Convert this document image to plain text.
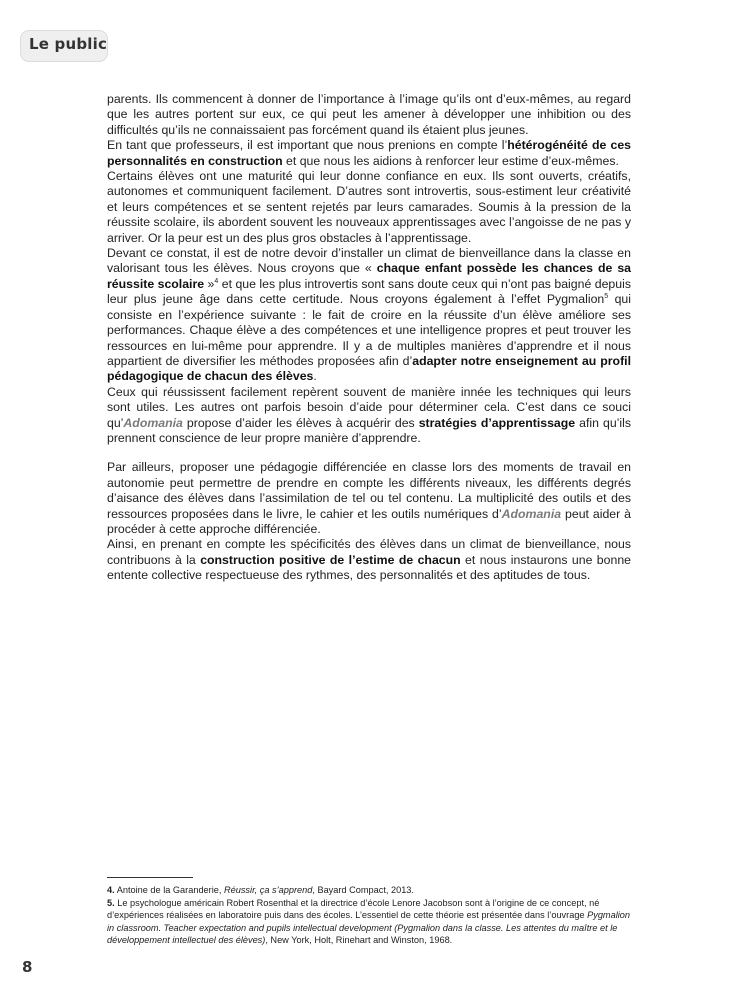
Le public

parents. Ils commencent à donner de l’importance à l’image qu’ils ont d’eux-mêmes, au regard que les autres portent sur eux, ce qui peut les amener à développer une inhibition ou des difficultés qu’ils ne connaissaient pas forcément quand ils étaient plus jeunes.

En tant que professeurs, il est important que nous prenions en compte l’hétérogénéité de ces personnalités en construction et que nous les aidions à renforcer leur estime d’eux-mêmes.

Certains élèves ont une maturité qui leur donne confiance en eux. Ils sont ouverts, créatifs, autonomes et communiquent facilement. D’autres sont introvertis, sous-estiment leur créativité et leurs compétences et se sentent rejetés par leurs camarades. Soumis à la pression de la réussite scolaire, ils abordent souvent les nouveaux apprentissages avec l’angoisse de ne pas y arriver. Or la peur est un des plus gros obstacles à l’apprentissage.

Devant ce constat, il est de notre devoir d’installer un climat de bienveillance dans la classe en valorisant tous les élèves. Nous croyons que « chaque enfant possède les chances de sa réussite scolaire »$^4$ et que les plus introvertis sont sans doute ceux qui n’ont pas baigné depuis leur plus jeune âge dans cette certitude. Nous croyons également à l’effet Pygmalion$^5$ qui consiste en l’expérience suivante : le fait de croire en la réussite d’un élève améliore ses performances. Chaque élève a des compétences et une intelligence propres et peut trouver les ressources en lui-même pour apprendre. Il y a de multiples manières d’apprendre et il nous appartient de diversifier les méthodes proposées afin d’adapter notre enseignement au profil pédagogique de chacun des élèves.

Ceux qui réussissent facilement repèrent souvent de manière innée les techniques qui leurs sont utiles. Les autres ont parfois besoin d’aide pour déterminer cela. C’est dans ce souci qu’Adomania propose d’aider les élèves à acquérir des stratégies d’apprentissage afin qu’ils prennent conscience de leur propre manière d’apprendre.

Par ailleurs, proposer une pédagogie différenciée en classe lors des moments de travail en autonomie peut permettre de prendre en compte les différents niveaux, les différents degrés d’aisance des élèves dans l’assimilation de tel ou tel contenu. La multiplicité des outils et des ressources proposées dans le livre, le cahier et les outils numériques d’Adomania peut aider à procéder à cette approche différenciée.

Ainsi, en prenant en compte les spécificités des élèves dans un climat de bienveillance, nous contribuons à la construction positive de l’estime de chacun et nous instaurons une bonne entente collective respectueuse des rythmes, des personnalités et des aptitudes de tous.

4. Antoine de la Garanderie, Réussir, ça s’apprend, Bayard Compact, 2013.

5. Le psychologue américain Robert Rosenthal et la directrice d’école Lenore Jacobson sont à l’origine de ce concept, né d’expériences réalisées en laboratoire puis dans des écoles. L’essentiel de cette théorie est présentée dans l’ouvrage Pygmalion in classroom. Teacher expectation and pupils intellectual development (Pygmalion dans la classe. Les attentes du maître et le développement intellectuel des élèves), New York, Holt, Rinehart and Winston, 1968.

8
